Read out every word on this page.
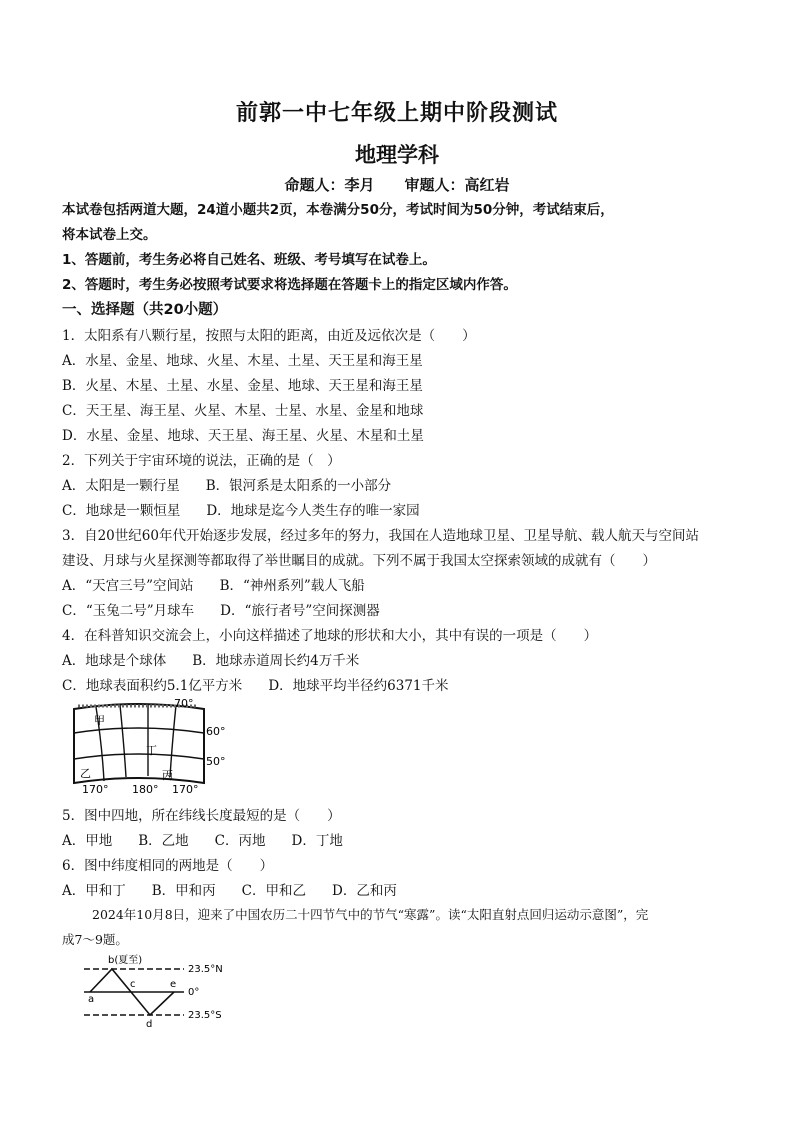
前郭一中七年级上期中阶段测试
地理学科
命题人：李月　　审题人：高红岩
本试卷包括两道大题，24道小题共2页，本卷满分50分，考试时间为50分钟，考试结束后，
将本试卷上交。
1、答题前，考生务必将自己姓名、班级、考号填写在试卷上。
2、答题时，考生务必按照考试要求将选择题在答题卡上的指定区域内作答。
一、选择题（共20小题）
1．太阳系有八颗行星，按照与太阳的距离，由近及远依次是（　　）
A．水星、金星、地球、火星、木星、土星、天王星和海王星
B．火星、木星、土星、水星、金星、地球、天王星和海王星
C．天王星、海王星、火星、木星、士星、水星、金星和地球
D．水星、金星、地球、天王星、海王星、火星、木星和土星
2．下列关于宇宙环境的说法，正确的是（　）
A．太阳是一颗行星 B．银河系是太阳系的一小部分
C．地球是一颗恒星 D．地球是迄今人类生存的唯一家园
3．自20世纪60年代开始逐步发展，经过多年的努力，我国在人造地球卫星、卫星导航、载人航天与空间站
建设、月球与火星探测等都取得了举世瞩目的成就。下列不属于我国太空探索领域的成就有（　　）
A．“天宫三号”空间站 B．“神州系列”载人飞船
C．“玉兔二号”月球车 D．“旅行者号”空间探测器
4．在科普知识交流会上，小向这样描述了地球的形状和大小，其中有误的一项是（　　）
A．地球是个球体 B．地球赤道周长约4万千米
C．地球表面积约5.1亿平方米 D．地球平均半径约6371千米
70°
60°
50°
170° 180° 170°
甲
乙	丙
丁
5．图中四地，所在纬线长度最短的是（　　）
A．甲地 B．乙地 C．丙地 D．丁地
6．图中纬度相同的两地是（　　）
A．甲和丁 B．甲和丙 C．甲和乙 D．乙和丙
2024年10月8日，迎来了中国农历二十四节气中的节气“寒露”。读“太阳直射点回归运动示意图”，完
成7～9题。
b(夏至)
a
c	e
d
23.5°N
0°
23.5°S
